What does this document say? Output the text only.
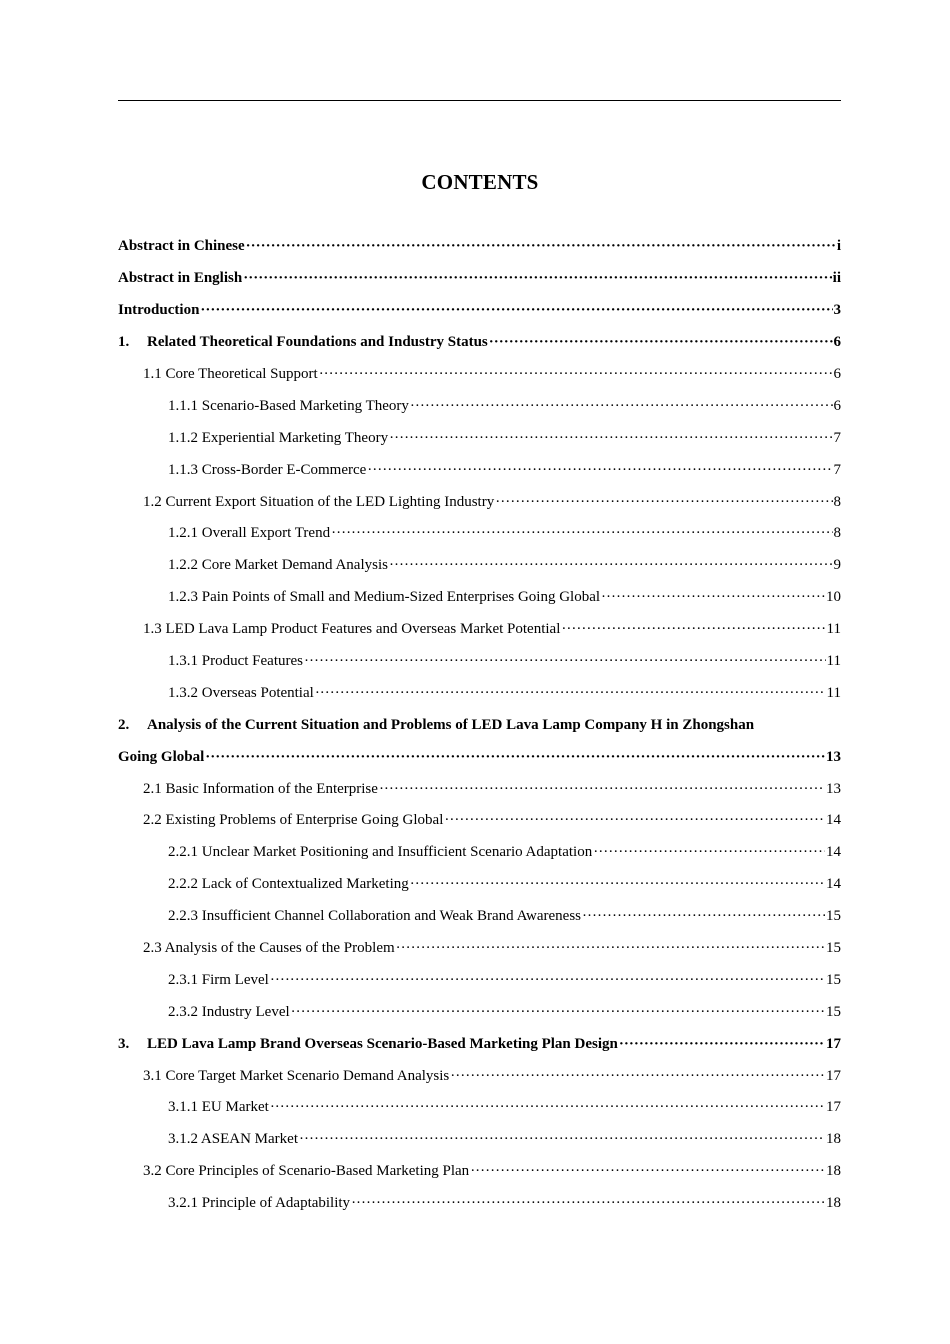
CONTENTS
Abstract in Chinese ·····	i
Abstract in English ·····	ii
Introduction ·····	3
1. Related Theoretical Foundations and Industry Status ·····	6
1.1 Core Theoretical Support ·····	6
1.1.1 Scenario-Based Marketing Theory ·····	6
1.1.2 Experiential Marketing Theory ·····	7
1.1.3 Cross-Border E-Commerce ·····	7
1.2 Current Export Situation of the LED Lighting Industry ·····	8
1.2.1 Overall Export Trend ·····	8
1.2.2 Core Market Demand Analysis ·····	9
1.2.3 Pain Points of Small and Medium-Sized Enterprises Going Global ·····	10
1.3 LED Lava Lamp Product Features and Overseas Market Potential ·····	11
1.3.1 Product Features ·····	11
1.3.2 Overseas Potential ·····	11
2. Analysis of the Current Situation and Problems of LED Lava Lamp Company H in Zhongshan
Going Global ·····	13
2.1 Basic Information of the Enterprise ·····	13
2.2 Existing Problems of Enterprise Going Global ·····	14
2.2.1 Unclear Market Positioning and Insufficient Scenario Adaptation ·····	14
2.2.2 Lack of Contextualized Marketing ·····	14
2.2.3 Insufficient Channel Collaboration and Weak Brand Awareness ·····	15
2.3 Analysis of the Causes of the Problem ·····	15
2.3.1 Firm Level ·····	15
2.3.2 Industry Level ·····	15
3. LED Lava Lamp Brand Overseas Scenario-Based Marketing Plan Design ·····	17
3.1 Core Target Market Scenario Demand Analysis ·····	17
3.1.1 EU Market ·····	17
3.1.2 ASEAN Market ·····	18
3.2 Core Principles of Scenario-Based Marketing Plan ·····	18
3.2.1 Principle of Adaptability ·····	18
